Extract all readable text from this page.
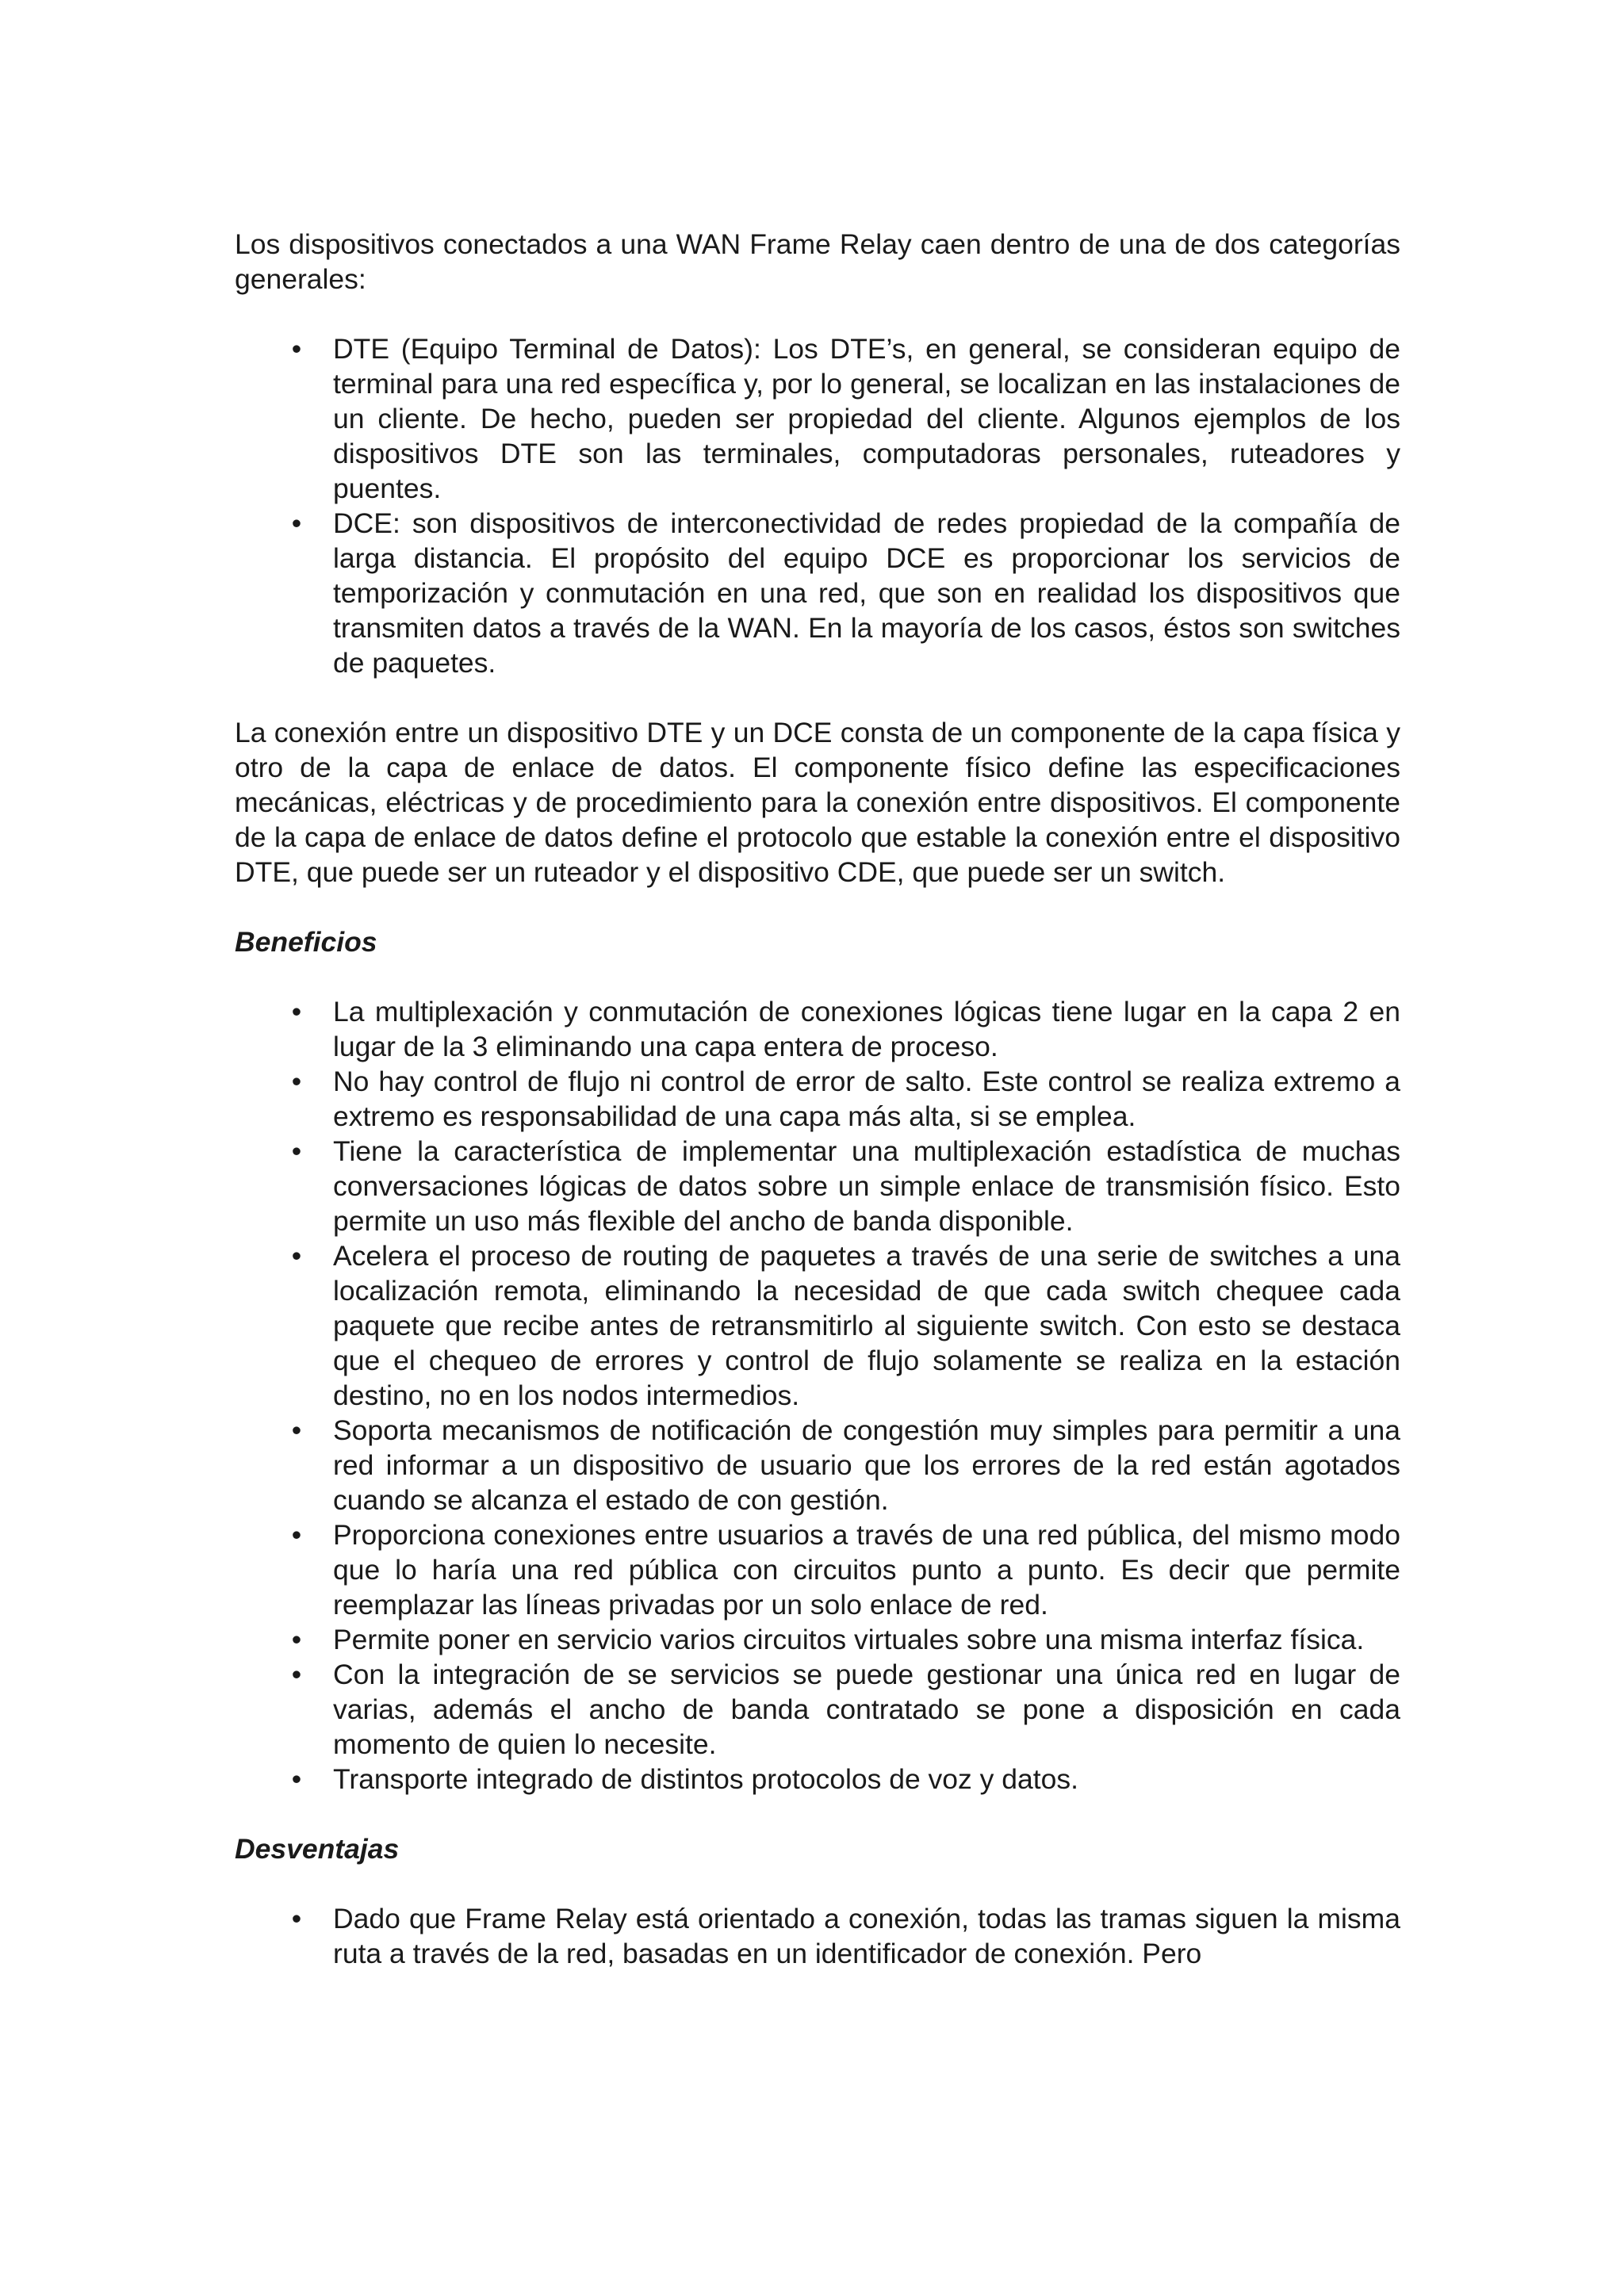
Los dispositivos conectados a una WAN Frame Relay caen dentro de una de dos categorías generales:

• DTE (Equipo Terminal de Datos): Los DTE’s, en general, se consideran equipo de terminal para una red específica y, por lo general, se localizan en las instalaciones de un cliente. De hecho, pueden ser propiedad del cliente. Algunos ejemplos de los dispositivos DTE son las terminales, computadoras personales, ruteadores y puentes.
• DCE: son dispositivos de interconectividad de redes propiedad de la compañía de larga distancia. El propósito del equipo DCE es proporcionar los servicios de temporización y conmutación en una red, que son en realidad los dispositivos que transmiten datos a través de la WAN. En la mayoría de los casos, éstos son switches de paquetes.

La conexión entre un dispositivo DTE y un DCE consta de un componente de la capa física y otro de la capa de enlace de datos. El componente físico define las especificaciones mecánicas, eléctricas y de procedimiento para la conexión entre dispositivos. El componente de la capa de enlace de datos define el protocolo que estable la conexión entre el dispositivo DTE, que puede ser un ruteador y el dispositivo CDE, que puede ser un switch.

Beneficios

• La multiplexación y conmutación de conexiones lógicas tiene lugar en la capa 2 en lugar de la 3 eliminando una capa entera de proceso.
• No hay control de flujo ni control de error de salto. Este control se realiza extremo a extremo es responsabilidad de una capa más alta, si se emplea.
• Tiene la característica de implementar una multiplexación estadística de muchas conversaciones lógicas de datos sobre un simple enlace de transmisión físico. Esto permite un uso más flexible del ancho de banda disponible.
• Acelera el proceso de routing de paquetes a través de una serie de switches a una localización remota, eliminando la necesidad de que cada switch chequee cada paquete que recibe antes de retransmitirlo al siguiente switch. Con esto se destaca que el chequeo de errores y control de flujo solamente se realiza en la estación destino, no en los nodos intermedios.
• Soporta mecanismos de notificación de congestión muy simples para permitir a una red informar a un dispositivo de usuario que los errores de la red están agotados cuando se alcanza el estado de con gestión.
• Proporciona conexiones entre usuarios a través de una red pública, del mismo modo que lo haría una red pública con circuitos punto a punto. Es decir que permite reemplazar las líneas privadas por un solo enlace de red.
• Permite poner en servicio varios circuitos virtuales sobre una misma interfaz física.
• Con la integración de se servicios se puede gestionar una única red en lugar de varias, además el ancho de banda contratado se pone a disposición en cada momento de quien lo necesite.
• Transporte integrado de distintos protocolos de voz y datos.

Desventajas

• Dado que Frame Relay está orientado a conexión, todas las tramas siguen la misma ruta a través de la red, basadas en un identificador de conexión. Pero
